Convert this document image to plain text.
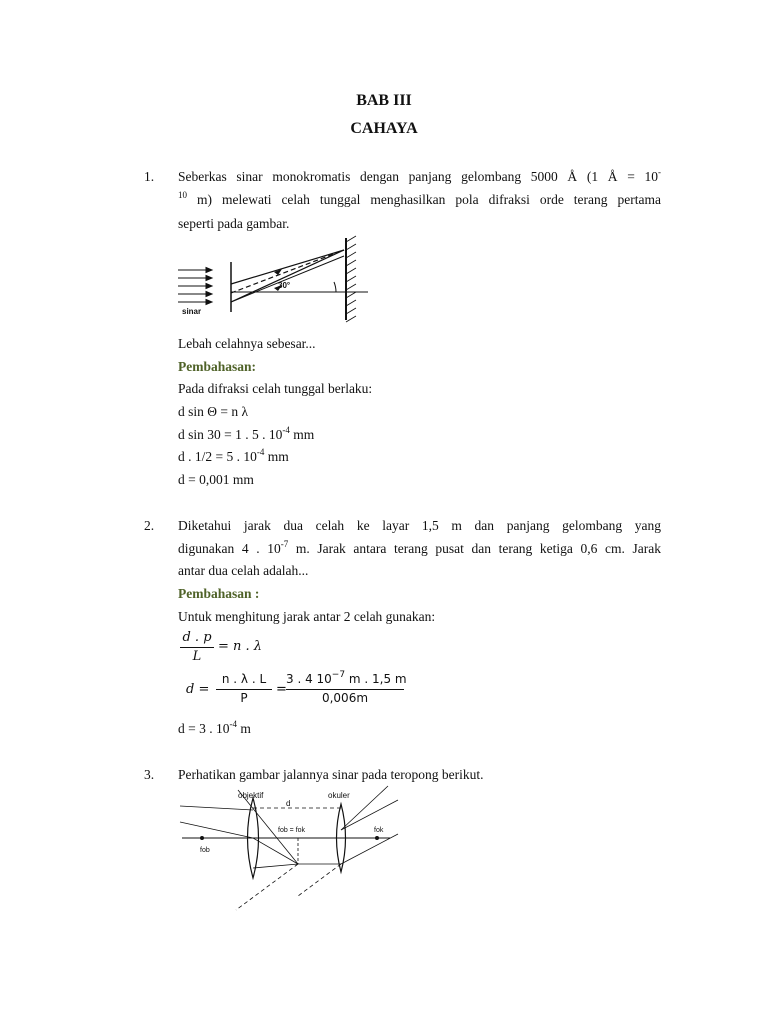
BAB III
CAHAYA
1. Seberkas sinar monokromatis dengan panjang gelombang 5000 Å (1 Å = 10-
$^{10}$ m) melewati celah tunggal menghasilkan pola difraksi orde terang pertama
seperti pada gambar.
30°
sinar
Lebah celahnya sebesar...
Pembahasan:
Pada difraksi celah tunggal berlaku:
d sin Θ = n λ
d sin 30 = 1 . 5 . $10^{-4}$ mm
d . 1/2 = 5 . $10^{-4}$ mm
d = 0,001 mm
2. Diketahui jarak dua celah ke layar 1,5 m dan panjang gelombang yang
digunakan 4 . $10^{-7}$ m. Jarak antara terang pusat dan terang ketiga 0,6 cm. Jarak
antar dua celah adalah...
Pembahasan :
Untuk menghitung jarak antar 2 celah gunakan:
d . p
L
= n . λ
d =
n . λ . L
P
=
3 . 4 $10^{-7}$ m . 1,5 m
0,006m
d = 3 . $10^{-4}$ m
3. Perhatikan gambar jalannya sinar pada teropong berikut.
objektif	okuler
d
fob = fok	fok
fob
